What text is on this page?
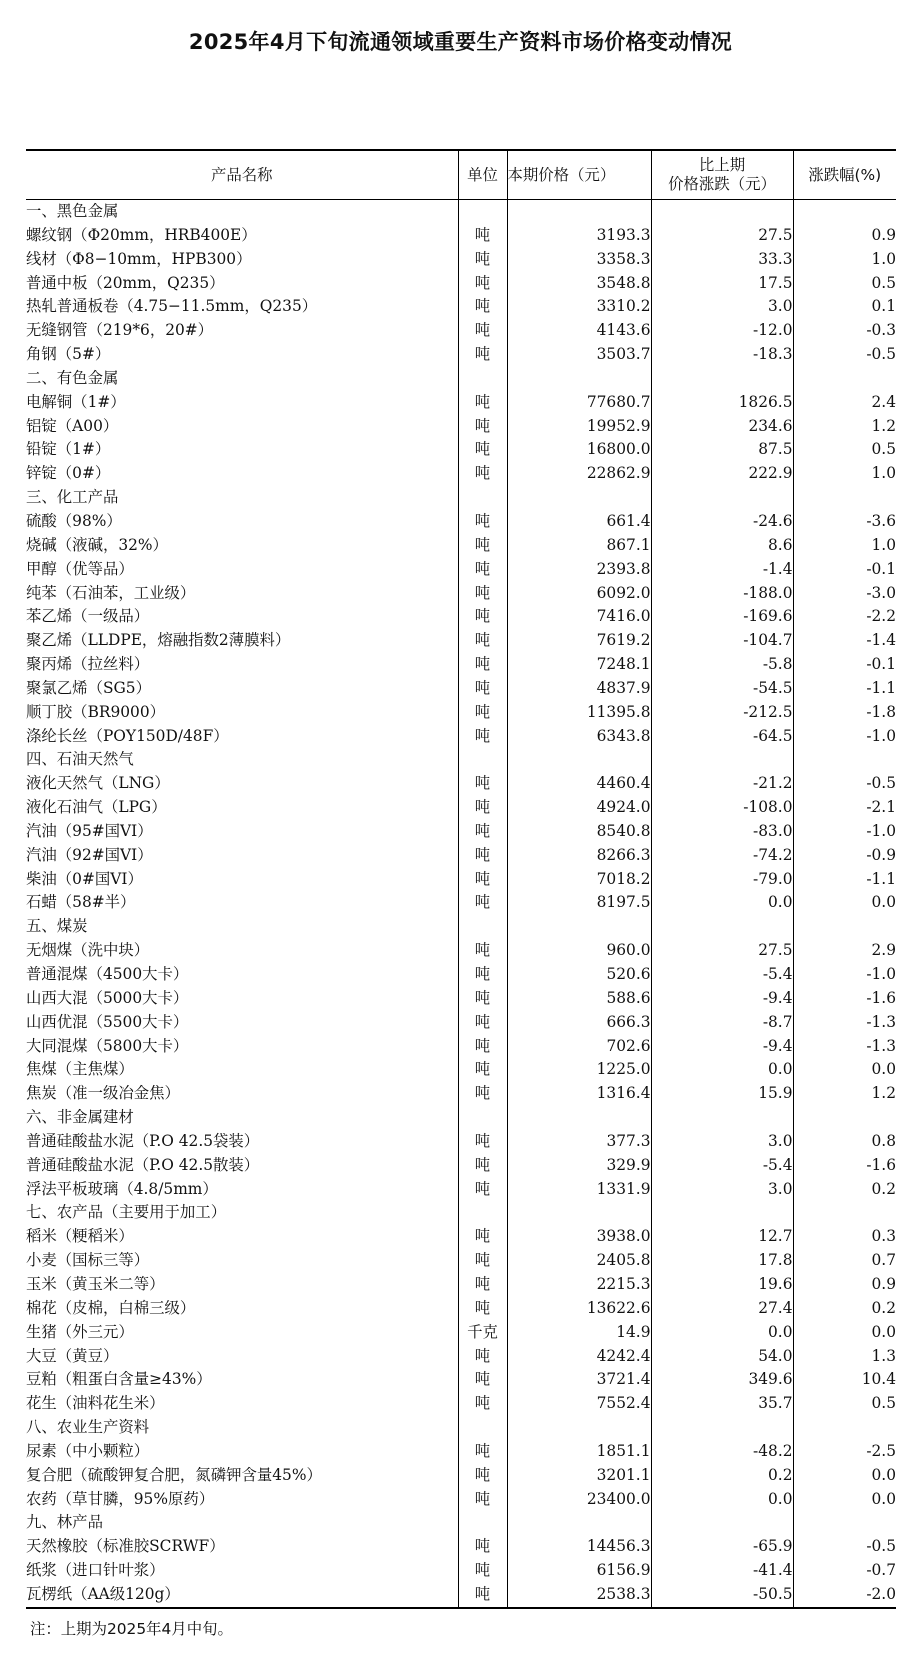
2025年4月下旬流通领域重要生产资料市场价格变动情况
产品名称	单位	本期价格（元）	比上期
价格涨跌（元）	涨跌幅(%)
一、黑色金属				
螺纹钢（Φ20mm，HRB400E）	吨	3193.3	27.5	0.9
线材（Φ8−10mm，HPB300）	吨	3358.3	33.3	1.0
普通中板（20mm，Q235）	吨	3548.8	17.5	0.5
热轧普通板卷（4.75−11.5mm，Q235）	吨	3310.2	3.0	0.1
无缝钢管（219*6，20#）	吨	4143.6	-12.0	-0.3
角钢（5#）	吨	3503.7	-18.3	-0.5
二、有色金属				
电解铜（1#）	吨	77680.7	1826.5	2.4
铝锭（A00）	吨	19952.9	234.6	1.2
铅锭（1#）	吨	16800.0	87.5	0.5
锌锭（0#）	吨	22862.9	222.9	1.0
三、化工产品				
硫酸（98%）	吨	661.4	-24.6	-3.6
烧碱（液碱，32%）	吨	867.1	8.6	1.0
甲醇（优等品）	吨	2393.8	-1.4	-0.1
纯苯（石油苯，工业级）	吨	6092.0	-188.0	-3.0
苯乙烯（一级品）	吨	7416.0	-169.6	-2.2
聚乙烯（LLDPE，熔融指数2薄膜料）	吨	7619.2	-104.7	-1.4
聚丙烯（拉丝料）	吨	7248.1	-5.8	-0.1
聚氯乙烯（SG5）	吨	4837.9	-54.5	-1.1
顺丁胶（BR9000）	吨	11395.8	-212.5	-1.8
涤纶长丝（POY150D/48F）	吨	6343.8	-64.5	-1.0
四、石油天然气				
液化天然气（LNG）	吨	4460.4	-21.2	-0.5
液化石油气（LPG）	吨	4924.0	-108.0	-2.1
汽油（95#国VI）	吨	8540.8	-83.0	-1.0
汽油（92#国VI）	吨	8266.3	-74.2	-0.9
柴油（0#国VI）	吨	7018.2	-79.0	-1.1
石蜡（58#半）	吨	8197.5	0.0	0.0
五、煤炭				
无烟煤（洗中块）	吨	960.0	27.5	2.9
普通混煤（4500大卡）	吨	520.6	-5.4	-1.0
山西大混（5000大卡）	吨	588.6	-9.4	-1.6
山西优混（5500大卡）	吨	666.3	-8.7	-1.3
大同混煤（5800大卡）	吨	702.6	-9.4	-1.3
焦煤（主焦煤）	吨	1225.0	0.0	0.0
焦炭（准一级冶金焦）	吨	1316.4	15.9	1.2
六、非金属建材				
普通硅酸盐水泥（P.O 42.5袋装）	吨	377.3	3.0	0.8
普通硅酸盐水泥（P.O 42.5散装）	吨	329.9	-5.4	-1.6
浮法平板玻璃（4.8/5mm）	吨	1331.9	3.0	0.2
七、农产品（主要用于加工）				
稻米（粳稻米）	吨	3938.0	12.7	0.3
小麦（国标三等）	吨	2405.8	17.8	0.7
玉米（黄玉米二等）	吨	2215.3	19.6	0.9
棉花（皮棉，白棉三级）	吨	13622.6	27.4	0.2
生猪（外三元）	千克	14.9	0.0	0.0
大豆（黄豆）	吨	4242.4	54.0	1.3
豆粕（粗蛋白含量≥43%）	吨	3721.4	349.6	10.4
花生（油料花生米）	吨	7552.4	35.7	0.5
八、农业生产资料				
尿素（中小颗粒）	吨	1851.1	-48.2	-2.5
复合肥（硫酸钾复合肥，氮磷钾含量45%）	吨	3201.1	0.2	0.0
农药（草甘膦，95%原药）	吨	23400.0	0.0	0.0
九、林产品				
天然橡胶（标准胶SCRWF）	吨	14456.3	-65.9	-0.5
纸浆（进口针叶浆）	吨	6156.9	-41.4	-0.7
瓦楞纸（AA级120g）	吨	2538.3	-50.5	-2.0
注：上期为2025年4月中旬。
